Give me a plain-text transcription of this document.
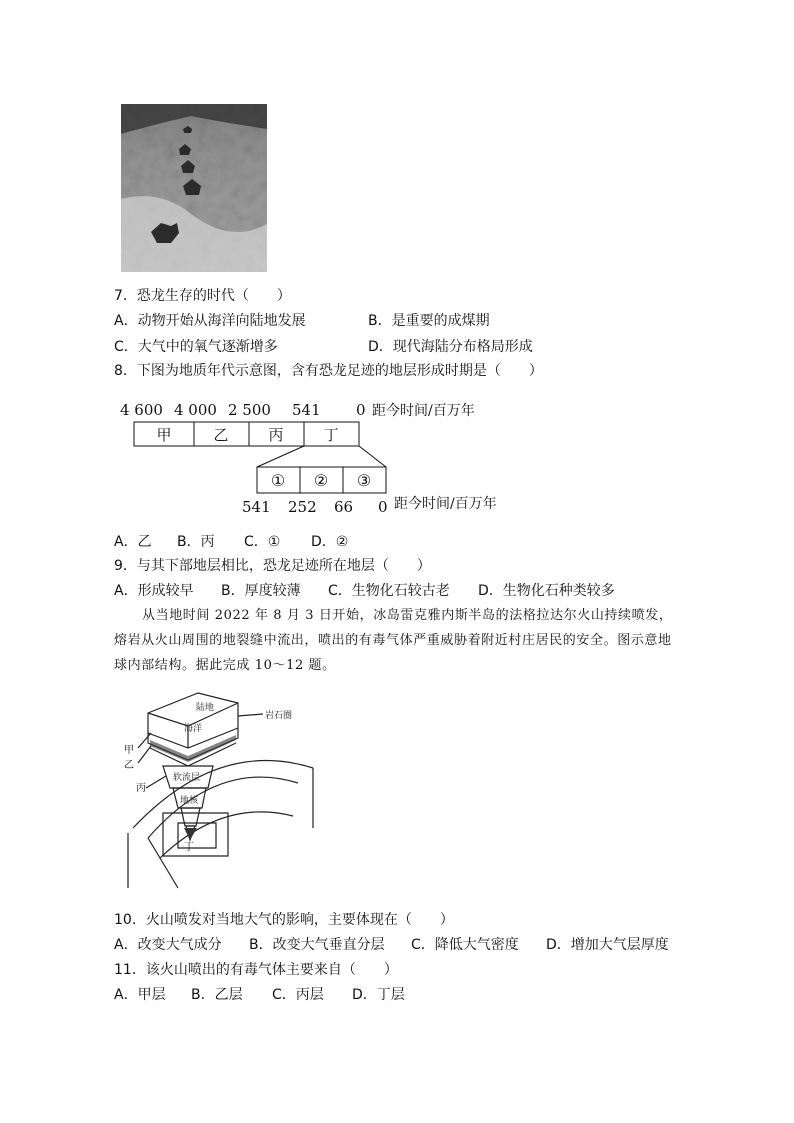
7．恐龙生存的时代（　　）
A．动物开始从海洋向陆地发展	B．是重要的成煤期
C．大气中的氧气逐渐增多	D．现代海陆分布格局形成
8．下图为地质年代示意图，含有恐龙足迹的地层形成时期是（　　）
4 600 4 000 2 500 541 0 距今时间/百万年
甲	乙	丙	丁
① ② ③
541 252 66 0 距今时间/百万年
A．乙 B．丙 C．① D．②
9．与其下部地层相比，恐龙足迹所在地层（　　）
A．形成较早 B．厚度较薄 C．生物化石较古老 D．生物化石种类较多
从当地时间 2022 年 8 月 3 日开始，冰岛雷克雅内斯半岛的法格拉达尔火山持续喷发，熔岩从火山周围的地裂缝中流出，喷出的有毒气体严重威胁着附近村庄居民的安全。图示意地球内部结构。据此完成 10～12 题。
陆地
海洋
软流层
地核
岩石圈
甲
乙
丙
丁
10．火山喷发对当地大气的影响，主要体现在（　　）
A．改变大气成分 B．改变大气垂直分层 C．降低大气密度 D．增加大气层厚度
11．该火山喷出的有毒气体主要来自（　　）
A．甲层 B．乙层 C．丙层 D．丁层
